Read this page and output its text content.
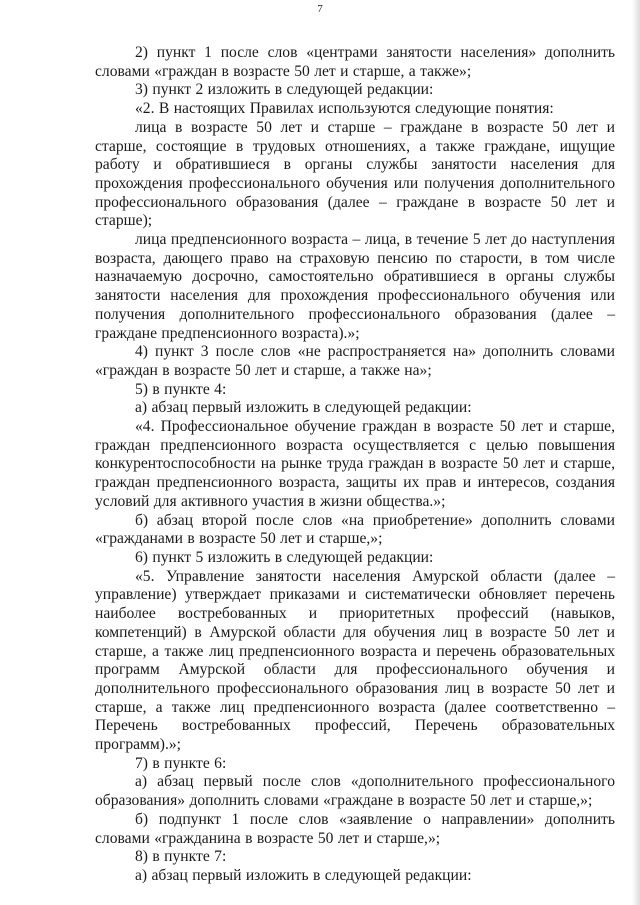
7

2) пункт 1 после слов «центрами занятости населения» дополнить словами «граждан в возрасте 50 лет и старше, а также»;

3) пункт 2 изложить в следующей редакции:

«2. В настоящих Правилах используются следующие понятия:

лица в возрасте 50 лет и старше – граждане в возрасте 50 лет и старше, состоящие в трудовых отношениях, а также граждане, ищущие работу и обратившиеся в органы службы занятости населения для прохождения профессионального обучения или получения дополнительного профессионального образования (далее – граждане в возрасте 50 лет и старше);

лица предпенсионного возраста – лица, в течение 5 лет до наступления возраста, дающего право на страховую пенсию по старости, в том числе назначаемую досрочно, самостоятельно обратившиеся в органы службы занятости населения для прохождения профессионального обучения или получения дополнительного профессионального образования (далее – граждане предпенсионного возраста).»;

4) пункт 3 после слов «не распространяется на» дополнить словами «граждан в возрасте 50 лет и старше, а также на»;

5) в пункте 4:

а) абзац первый изложить в следующей редакции:

«4. Профессиональное обучение граждан в возрасте 50 лет и старше, граждан предпенсионного возраста осуществляется с целью повышения конкурентоспособности на рынке труда граждан в возрасте 50 лет и старше, граждан предпенсионного возраста, защиты их прав и интересов, создания условий для активного участия в жизни общества.»;

б) абзац второй после слов «на приобретение» дополнить словами «гражданами в возрасте 50 лет и старше,»;

6) пункт 5 изложить в следующей редакции:

«5. Управление занятости населения Амурской области (далее – управление) утверждает приказами и систематически обновляет перечень наиболее востребованных и приоритетных профессий (навыков, компетенций) в Амурской области для обучения лиц в возрасте 50 лет и старше, а также лиц предпенсионного возраста и перечень образовательных программ Амурской области для профессионального обучения и дополнительного профессионального образования лиц в возрасте 50 лет и старше, а также лиц предпенсионного возраста (далее соответственно – Перечень востребованных профессий, Перечень образовательных программ).»;

7) в пункте 6:

а) абзац первый после слов «дополнительного профессионального образования» дополнить словами «граждане в возрасте 50 лет и старше,»;

б) подпункт 1 после слов «заявление о направлении» дополнить словами «гражданина в возрасте 50 лет и старше,»;

8) в пункте 7:

а) абзац первый изложить в следующей редакции:
